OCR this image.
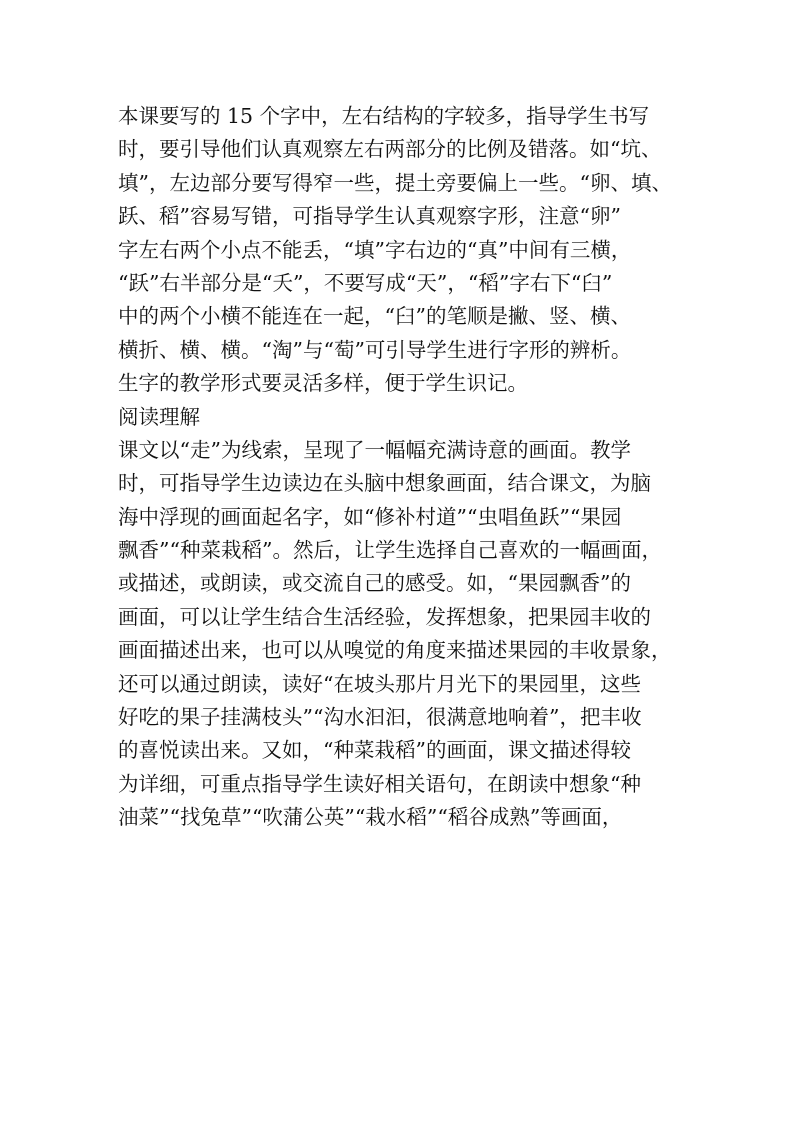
本课要写的 15 个字中，左右结构的字较多，指导学生书写
时，要引导他们认真观察左右两部分的比例及错落。如“坑、
填”，左边部分要写得窄一些，提土旁要偏上一些。“卵、填、
跃、稻”容易写错，可指导学生认真观察字形，注意“卵”
字左右两个小点不能丢，“填”字右边的“真”中间有三横，
“跃”右半部分是“夭”，不要写成“天”，“稻”字右下“臼”
中的两个小横不能连在一起，“臼”的笔顺是撇、竖、横、
横折、横、横。“淘”与“萄”可引导学生进行字形的辨析。
生字的教学形式要灵活多样，便于学生识记。
阅读理解
课文以“走”为线索，呈现了一幅幅充满诗意的画面。教学
时，可指导学生边读边在头脑中想象画面，结合课文，为脑
海中浮现的画面起名字，如“修补村道”“虫唱鱼跃”“果园
飘香”“种菜栽稻”。然后，让学生选择自己喜欢的一幅画面，
或描述，或朗读，或交流自己的感受。如，“果园飘香”的
画面，可以让学生结合生活经验，发挥想象，把果园丰收的
画面描述出来，也可以从嗅觉的角度来描述果园的丰收景象，
还可以通过朗读，读好“在坡头那片月光下的果园里，这些
好吃的果子挂满枝头”“沟水汩汩，很满意地响着”，把丰收
的喜悦读出来。又如，“种菜栽稻”的画面，课文描述得较
为详细，可重点指导学生读好相关语句，在朗读中想象“种
油菜”“找兔草”“吹蒲公英”“栽水稻”“稻谷成熟”等画面，
